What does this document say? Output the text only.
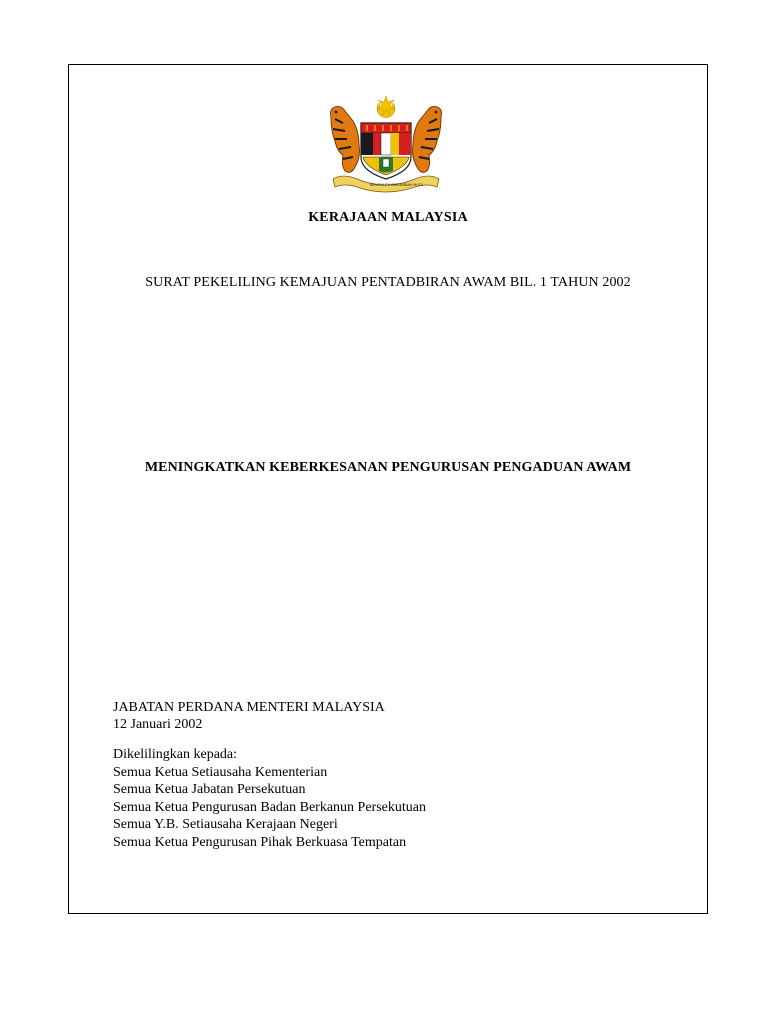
BERSEKUTU BERTAMBAH MUTU
KERAJAAN MALAYSIA
SURAT PEKELILING KEMAJUAN PENTADBIRAN AWAM BIL. 1 TAHUN 2002
MENINGKATKAN KEBERKESANAN PENGURUSAN PENGADUAN AWAM
JABATAN PERDANA MENTERI MALAYSIA
12 Januari 2002
Dikelilingkan kepada:
Semua Ketua Setiausaha Kementerian
Semua Ketua Jabatan Persekutuan
Semua Ketua Pengurusan Badan Berkanun Persekutuan
Semua Y.B. Setiausaha Kerajaan Negeri
Semua Ketua Pengurusan Pihak Berkuasa Tempatan
